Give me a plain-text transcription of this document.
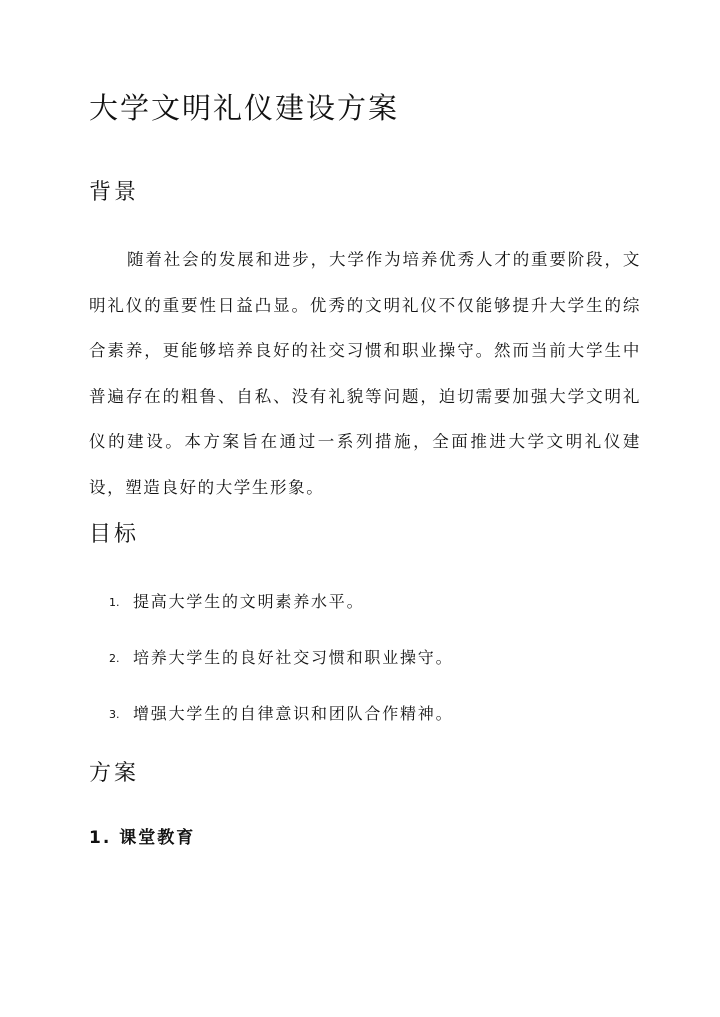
大学文明礼仪建设方案
背景

随着社会的发展和进步，大学作为培养优秀人才的重要阶段，文明礼仪的重要性日益凸显。优秀的文明礼仪不仅能够提升大学生的综合素养，更能够培养良好的社交习惯和职业操守。然而当前大学生中普遍存在的粗鲁、自私、没有礼貌等问题，迫切需要加强大学文明礼仪的建设。本方案旨在通过一系列措施，全面推进大学文明礼仪建设，塑造良好的大学生形象。

目标
1. 提高大学生的文明素养水平。
2. 培养大学生的良好社交习惯和职业操守。
3. 增强大学生的自律意识和团队合作精神。
方案
1. 课堂教育
